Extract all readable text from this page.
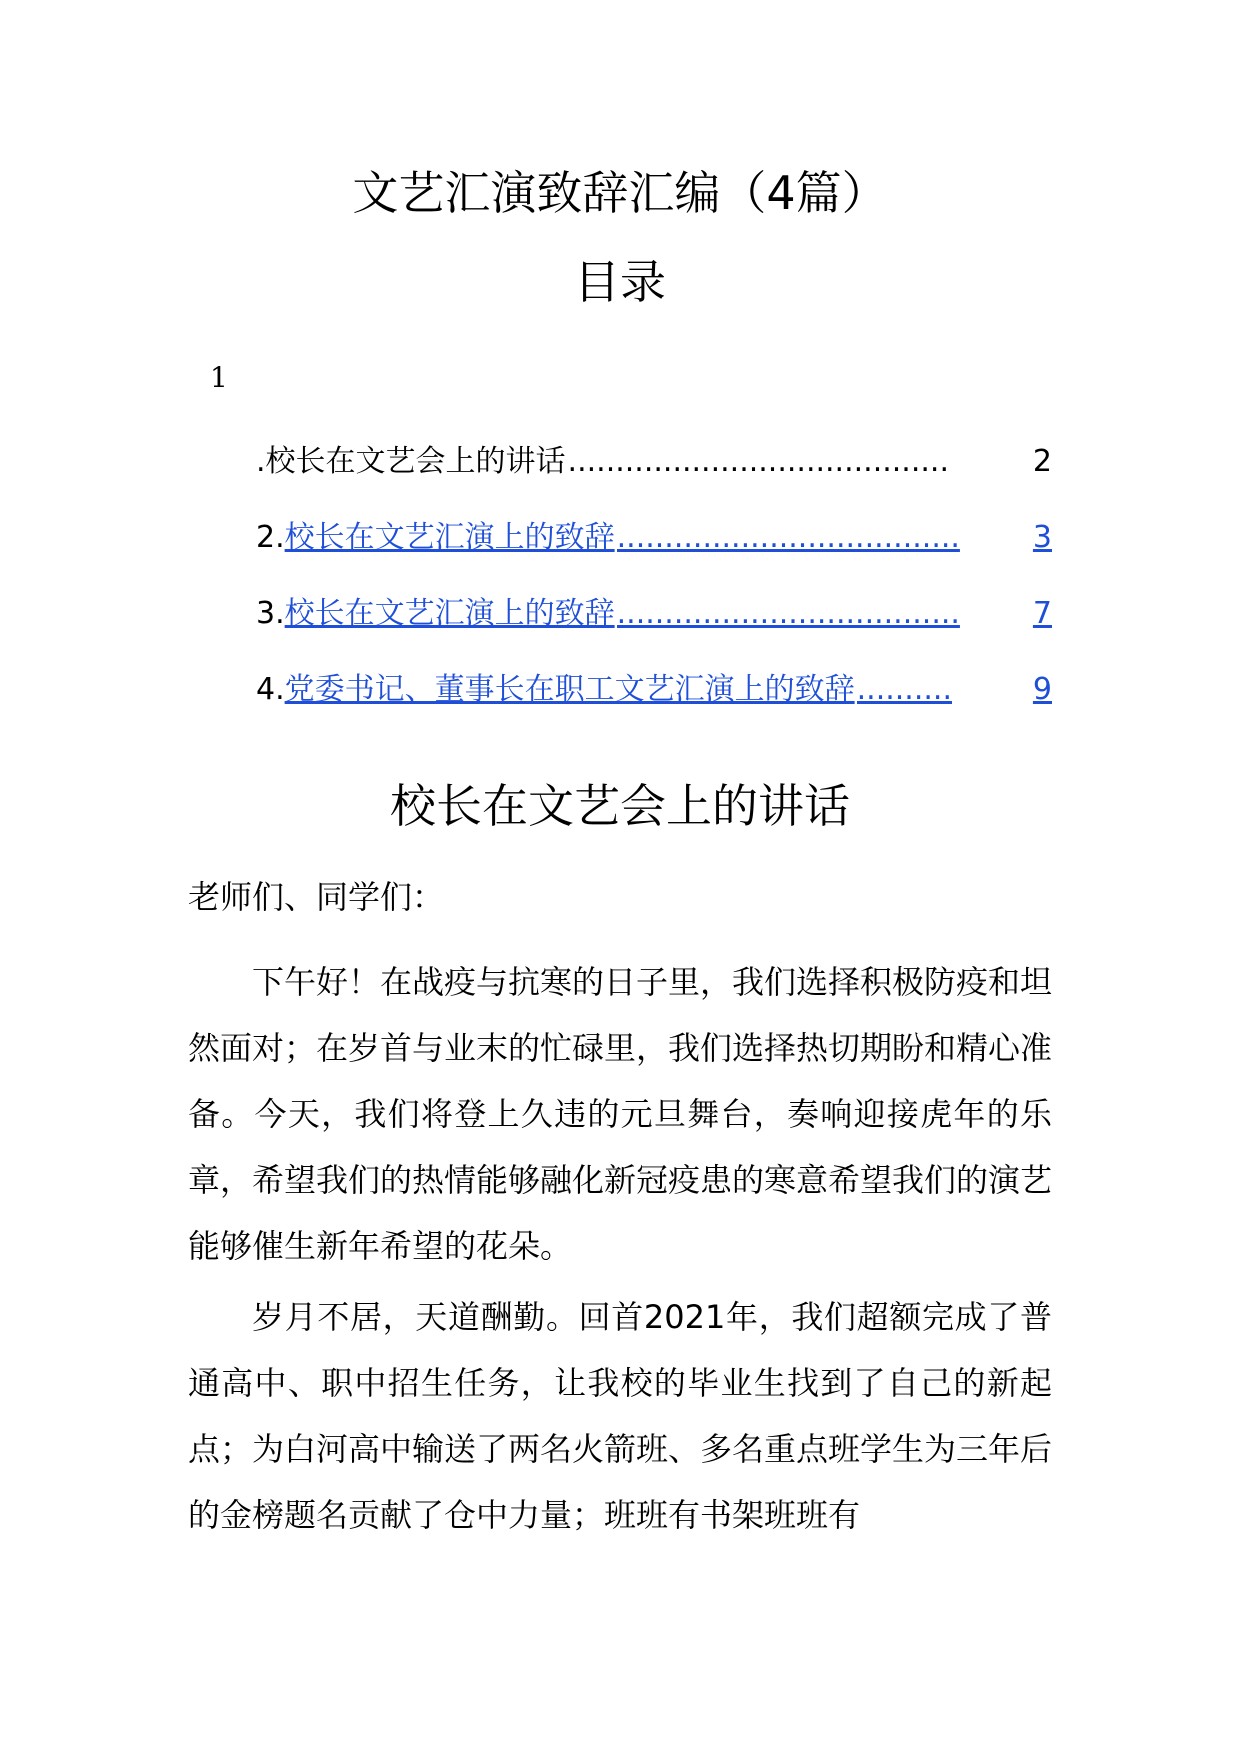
文艺汇演致辞汇编（4篇）
目录
1
.校长在文艺会上的讲话 ........................................	2
2. 校长在文艺汇演上的致辞 ....................................	3
3. 校长在文艺汇演上的致辞 ....................................	7
4. 党委书记、董事长在职工文艺汇演上的致辞 ..........	9
校长在文艺会上的讲话
老师们、同学们：

下午好！在战疫与抗寒的日子里，我们选择积极防疫和坦然面对；在岁首与业末的忙碌里，我们选择热切期盼和精心准备。今天，我们将登上久违的元旦舞台，奏响迎接虎年的乐章，希望我们的热情能够融化新冠疫患的寒意希望我们的演艺能够催生新年希望的花朵。

岁月不居，天道酬勤。回首2021年，我们超额完成了普通高中、职中招生任务，让我校的毕业生找到了自己的新起点；为白河高中输送了两名火箭班、多名重点班学生为三年后的金榜题名贡献了仓中力量；班班有书架班班有
